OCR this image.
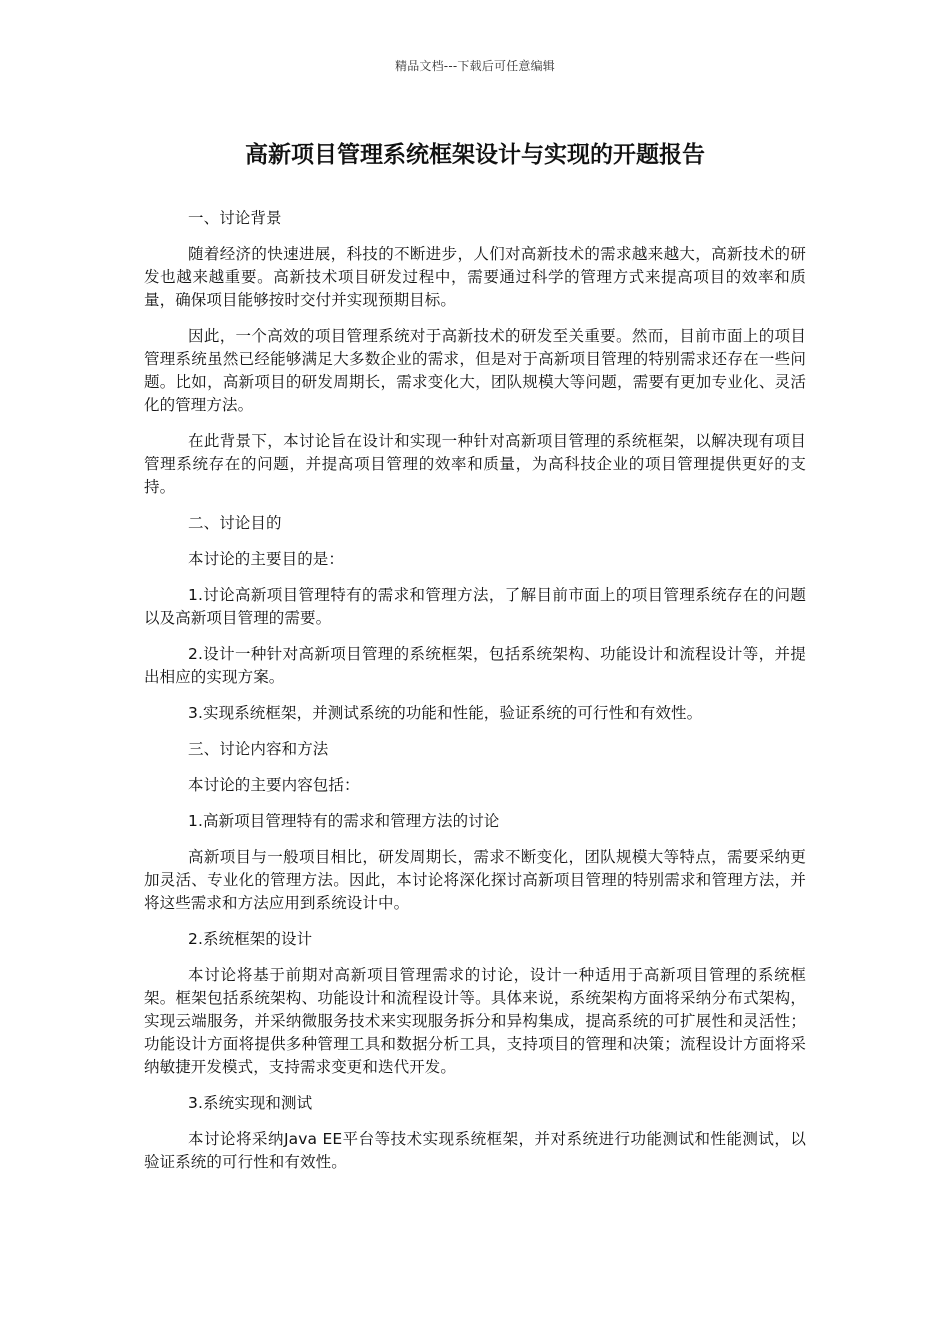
精品文档---下载后可任意编辑
高新项目管理系统框架设计与实现的开题报告

一、讨论背景

随着经济的快速进展，科技的不断进步，人们对高新技术的需求越来越大，高新技术的研发也越来越重要。高新技术项目研发过程中，需要通过科学的管理方式来提高项目的效率和质量，确保项目能够按时交付并实现预期目标。

因此，一个高效的项目管理系统对于高新技术的研发至关重要。然而，目前市面上的项目管理系统虽然已经能够满足大多数企业的需求，但是对于高新项目管理的特别需求还存在一些问题。比如，高新项目的研发周期长，需求变化大，团队规模大等问题，需要有更加专业化、灵活化的管理方法。

在此背景下，本讨论旨在设计和实现一种针对高新项目管理的系统框架，以解决现有项目管理系统存在的问题，并提高项目管理的效率和质量，为高科技企业的项目管理提供更好的支持。

二、讨论目的

本讨论的主要目的是：

1.讨论高新项目管理特有的需求和管理方法，了解目前市面上的项目管理系统存在的问题以及高新项目管理的需要。

2.设计一种针对高新项目管理的系统框架，包括系统架构、功能设计和流程设计等，并提出相应的实现方案。

3.实现系统框架，并测试系统的功能和性能，验证系统的可行性和有效性。

三、讨论内容和方法

本讨论的主要内容包括：

1.高新项目管理特有的需求和管理方法的讨论

高新项目与一般项目相比，研发周期长，需求不断变化，团队规模大等特点，需要采纳更加灵活、专业化的管理方法。因此，本讨论将深化探讨高新项目管理的特别需求和管理方法，并将这些需求和方法应用到系统设计中。

2.系统框架的设计

本讨论将基于前期对高新项目管理需求的讨论，设计一种适用于高新项目管理的系统框架。框架包括系统架构、功能设计和流程设计等。具体来说，系统架构方面将采纳分布式架构，实现云端服务，并采纳微服务技术来实现服务拆分和异构集成，提高系统的可扩展性和灵活性；功能设计方面将提供多种管理工具和数据分析工具，支持项目的管理和决策；流程设计方面将采纳敏捷开发模式，支持需求变更和迭代开发。

3.系统实现和测试

本讨论将采纳Java EE平台等技术实现系统框架，并对系统进行功能测试和性能测试，以验证系统的可行性和有效性。
